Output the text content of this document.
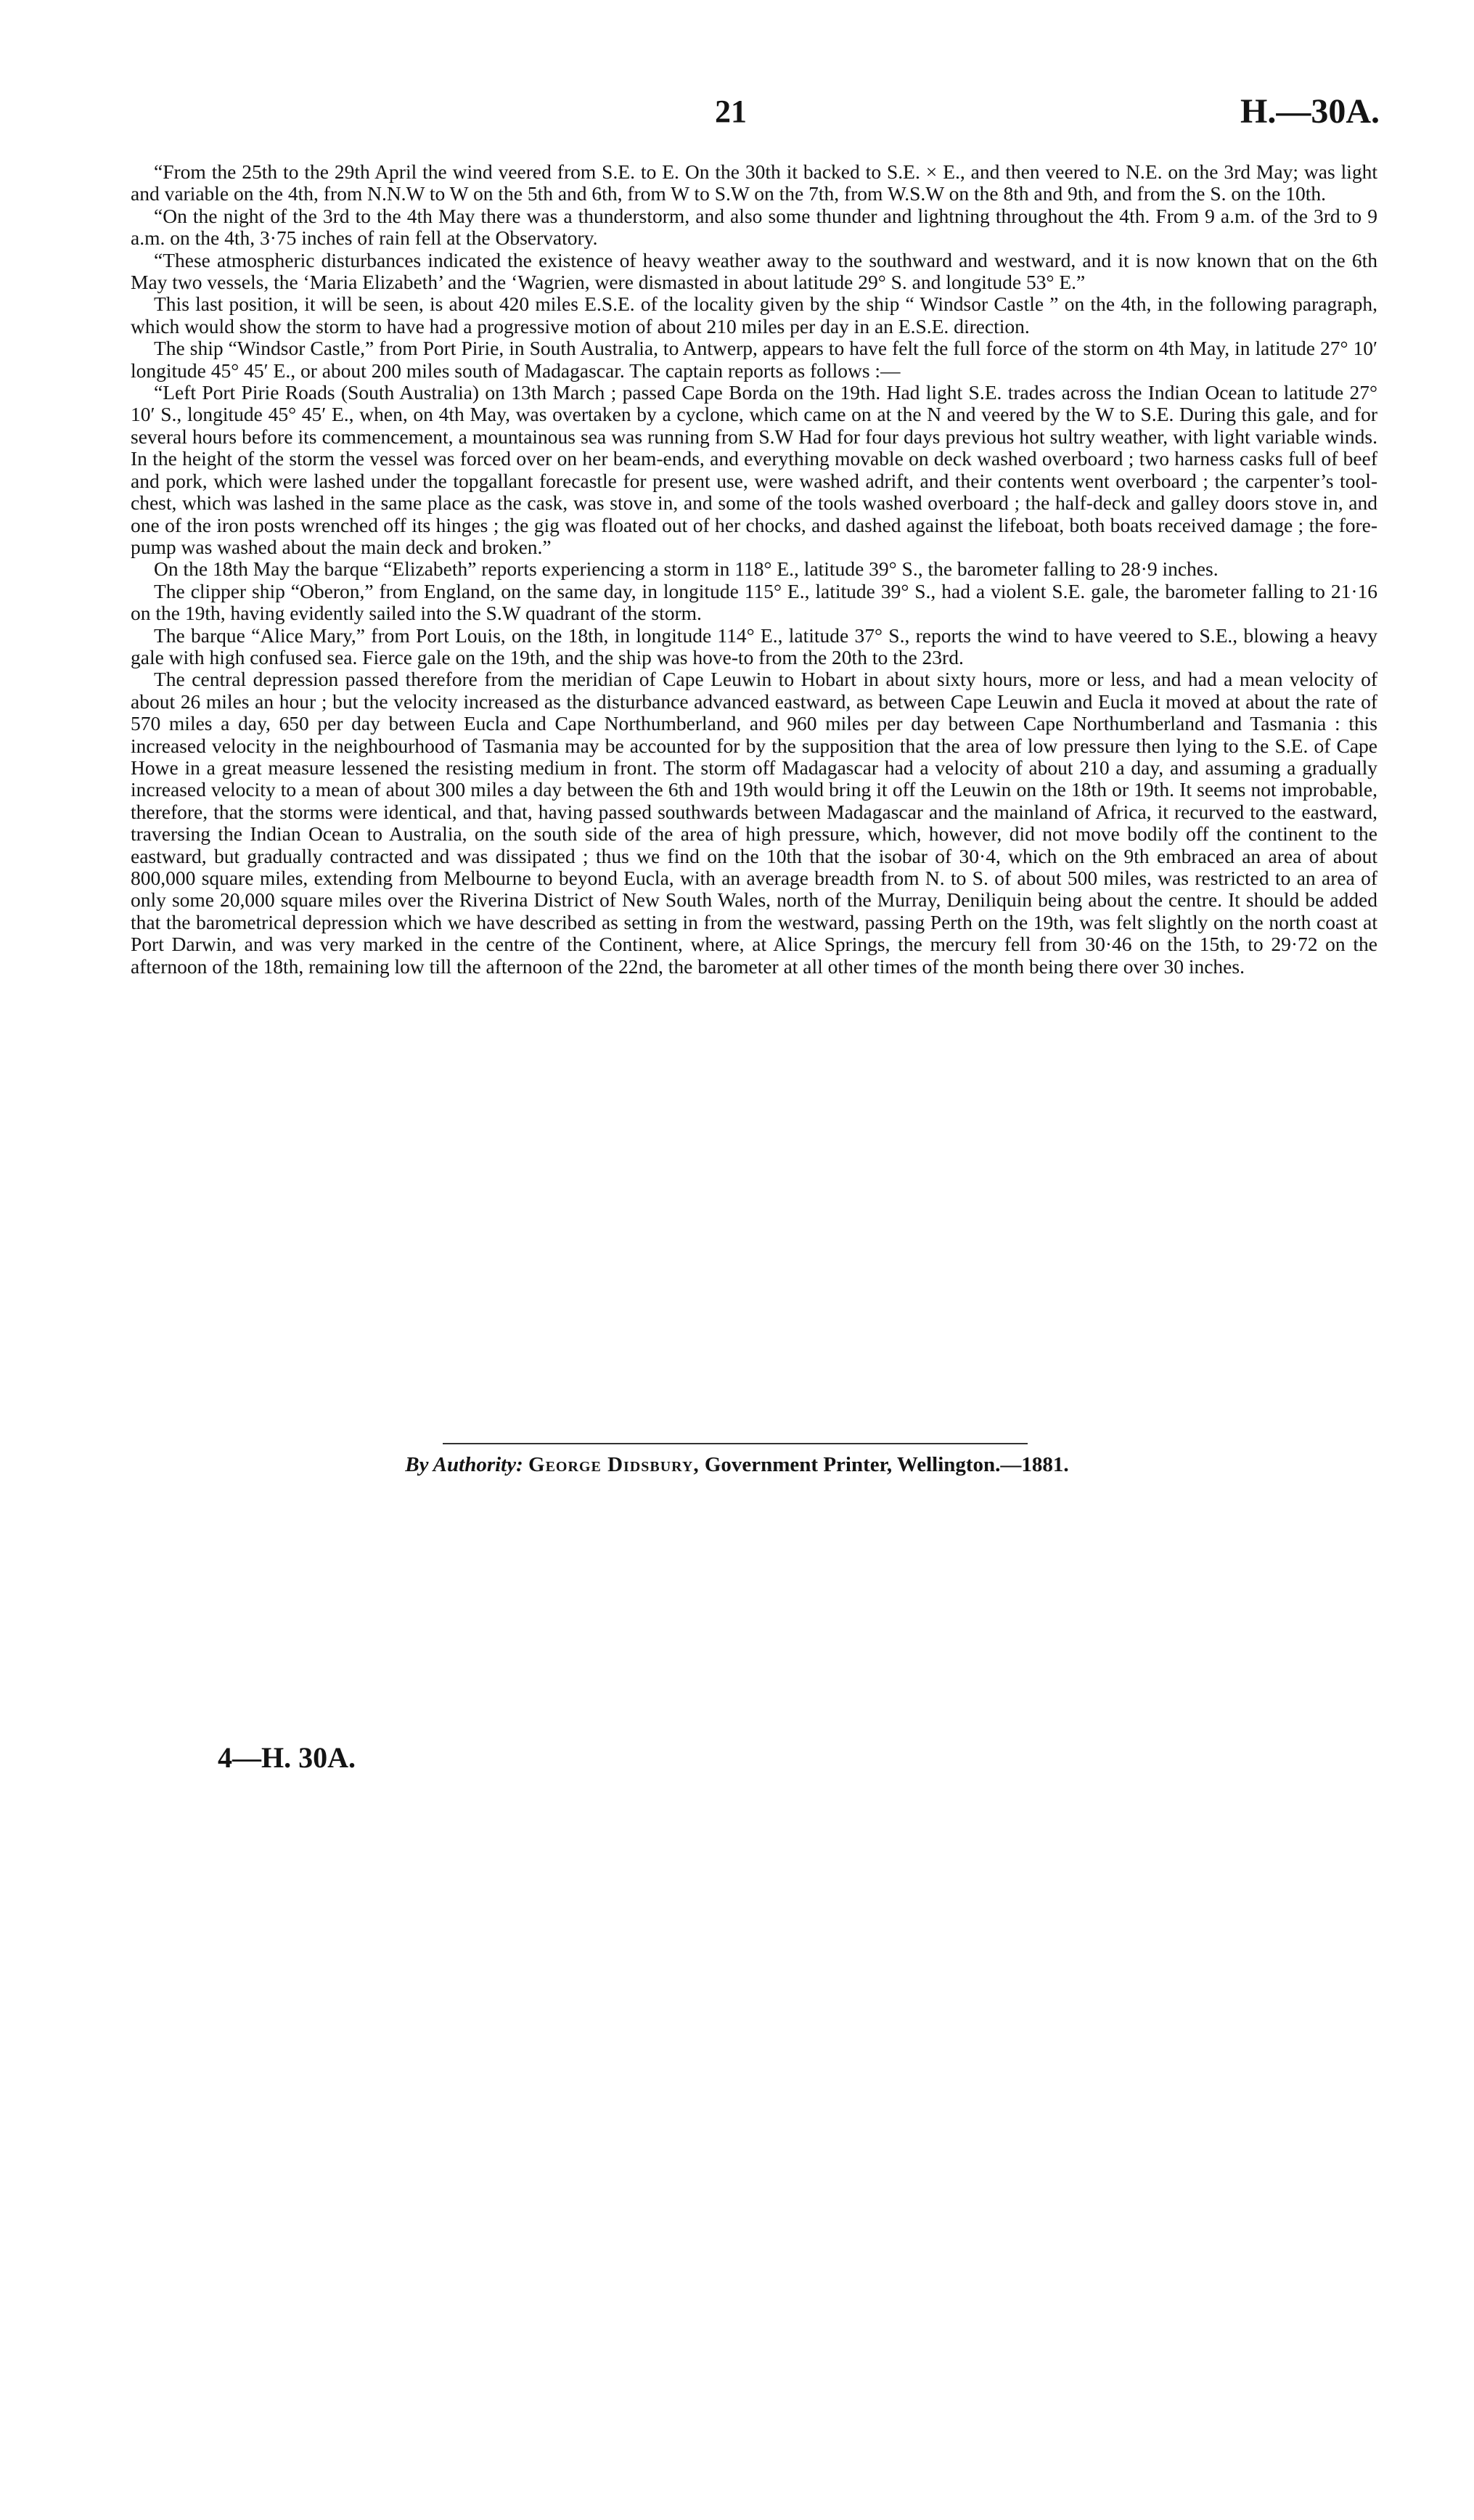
21	H.—30A.

“From the 25th to the 29th April the wind veered from S.E. to E. On the 30th it backed to S.E. × E., and then veered to N.E. on the 3rd May; was light and variable on the 4th, from N.N.W to W on the 5th and 6th, from W to S.W on the 7th, from W.S.W on the 8th and 9th, and from the S. on the 10th.

“On the night of the 3rd to the 4th May there was a thunderstorm, and also some thunder and lightning throughout the 4th. From 9 a.m. of the 3rd to 9 a.m. on the 4th, 3·75 inches of rain fell at the Observatory.

“These atmospheric disturbances indicated the existence of heavy weather away to the southward and westward, and it is now known that on the 6th May two vessels, the ‘Maria Elizabeth’ and the ‘Wagrien, were dismasted in about latitude 29° S. and longitude 53° E.”

This last position, it will be seen, is about 420 miles E.S.E. of the locality given by the ship “ Windsor Castle ” on the 4th, in the following paragraph, which would show the storm to have had a progressive motion of about 210 miles per day in an E.S.E. direction.

The ship “Windsor Castle,” from Port Pirie, in South Australia, to Antwerp, appears to have felt the full force of the storm on 4th May, in latitude 27° 10′ longitude 45° 45′ E., or about 200 miles south of Madagascar. The captain reports as follows :—

“Left Port Pirie Roads (South Australia) on 13th March ; passed Cape Borda on the 19th. Had light S.E. trades across the Indian Ocean to latitude 27° 10′ S., longitude 45° 45′ E., when, on 4th May, was overtaken by a cyclone, which came on at the N and veered by the W to S.E. During this gale, and for several hours before its commencement, a mountainous sea was running from S.W Had for four days previous hot sultry weather, with light variable winds. In the height of the storm the vessel was forced over on her beam-ends, and everything movable on deck washed overboard ; two harness casks full of beef and pork, which were lashed under the topgallant forecastle for present use, were washed adrift, and their contents went overboard ; the carpenter’s tool-chest, which was lashed in the same place as the cask, was stove in, and some of the tools washed overboard ; the half-deck and galley doors stove in, and one of the iron posts wrenched off its hinges ; the gig was floated out of her chocks, and dashed against the lifeboat, both boats received damage ; the fore-pump was washed about the main deck and broken.”

On the 18th May the barque “Elizabeth” reports experiencing a storm in 118° E., latitude 39° S., the barometer falling to 28·9 inches.

The clipper ship “Oberon,” from England, on the same day, in longitude 115° E., latitude 39° S., had a violent S.E. gale, the barometer falling to 21·16 on the 19th, having evidently sailed into the S.W quadrant of the storm.

The barque “Alice Mary,” from Port Louis, on the 18th, in longitude 114° E., latitude 37° S., reports the wind to have veered to S.E., blowing a heavy gale with high confused sea. Fierce gale on the 19th, and the ship was hove-to from the 20th to the 23rd.

The central depression passed therefore from the meridian of Cape Leuwin to Hobart in about sixty hours, more or less, and had a mean velocity of about 26 miles an hour ; but the velocity increased as the disturbance advanced eastward, as between Cape Leuwin and Eucla it moved at about the rate of 570 miles a day, 650 per day between Eucla and Cape Northumberland, and 960 miles per day between Cape Northumberland and Tasmania : this increased velocity in the neighbourhood of Tasmania may be accounted for by the supposition that the area of low pressure then lying to the S.E. of Cape Howe in a great measure lessened the resisting medium in front. The storm off Madagascar had a velocity of about 210 a day, and assuming a gradually increased velocity to a mean of about 300 miles a day between the 6th and 19th would bring it off the Leuwin on the 18th or 19th. It seems not improbable, therefore, that the storms were identical, and that, having passed southwards between Madagascar and the mainland of Africa, it recurved to the eastward, traversing the Indian Ocean to Australia, on the south side of the area of high pressure, which, however, did not move bodily off the continent to the eastward, but gradually contracted and was dissipated ; thus we find on the 10th that the isobar of 30·4, which on the 9th embraced an area of about 800,000 square miles, extending from Melbourne to beyond Eucla, with an average breadth from N. to S. of about 500 miles, was restricted to an area of only some 20,000 square miles over the Riverina District of New South Wales, north of the Murray, Deniliquin being about the centre. It should be added that the barometrical depression which we have described as setting in from the westward, passing Perth on the 19th, was felt slightly on the north coast at Port Darwin, and was very marked in the centre of the Continent, where, at Alice Springs, the mercury fell from 30·46 on the 15th, to 29·72 on the afternoon of the 18th, remaining low till the afternoon of the 22nd, the barometer at all other times of the month being there over 30 inches.

By Authority: George Didsbury, Government Printer, Wellington.—1881.
4—H. 30A.
